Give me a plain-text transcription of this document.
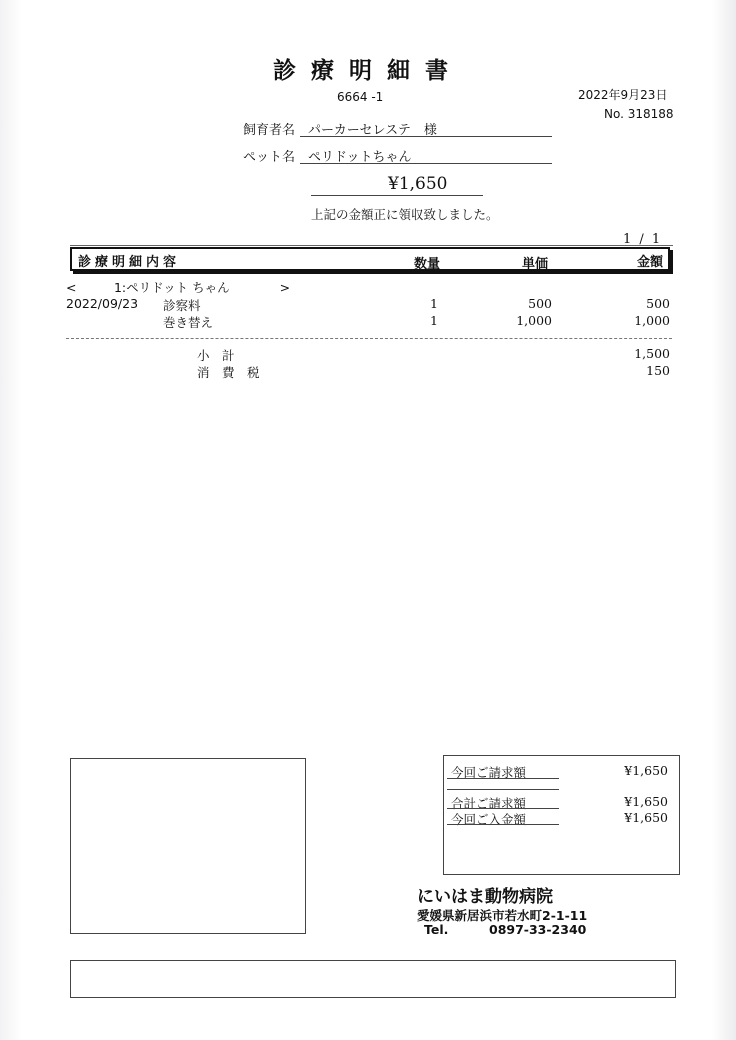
診療明細書
6664 -1	2022年9月23日
No. 318188
飼育者名 パーカーセレステ　様
ペット名 ペリドットちゃん
¥1,650
上記の金額正に領収致しました。
1 / 1
診療明細内容	数量	単価	金額
<　　　1:ペリドット ちゃん　　　　>
2022/09/23 診察料	1	500	500
巻き替え	1	1,000	1,000
小　計	1,500
消　費　税	150
今回ご請求額	¥1,650
合計ご請求額	¥1,650
今回ご入金額	¥1,650
にいはま動物病院
愛媛県新居浜市若水町2-1-11
Tel.	0897-33-2340
